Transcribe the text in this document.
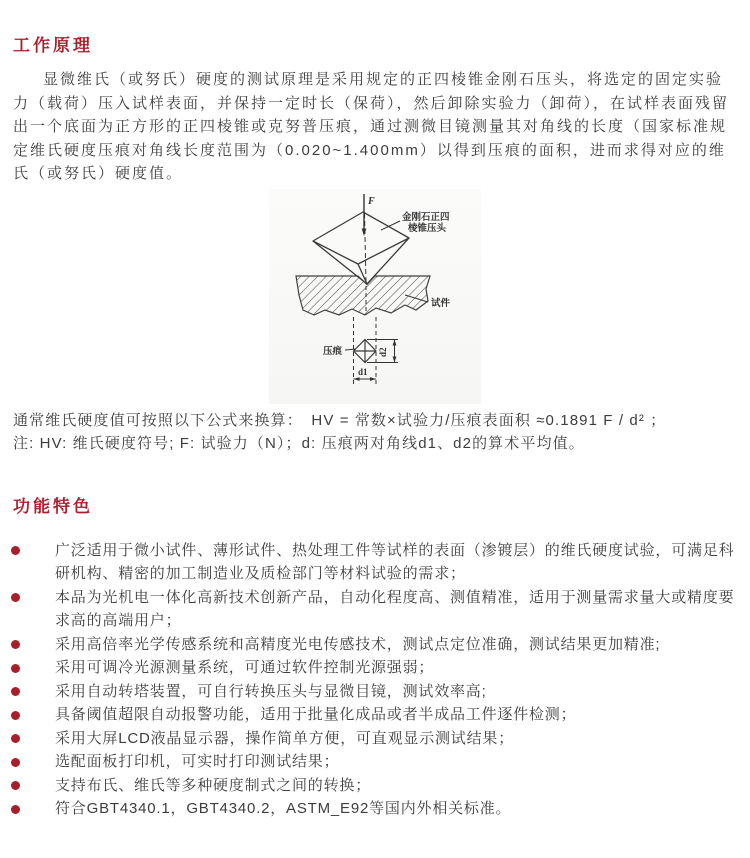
工作原理

显微维氏（或努氏）硬度的测试原理是采用规定的正四棱锥金刚石压头，将选定的固定实验力（载荷）压入试样表面，并保持一定时长（保荷），然后卸除实验力（卸荷），在试样表面残留出一个底面为正方形的正四棱锥或克努普压痕，通过测微目镜测量其对角线的长度（国家标准规定维氏硬度压痕对角线长度范围为（0.020~1.400mm）以得到压痕的面积，进而求得对应的维氏（或努氏）硬度值。

F
金刚石正四
棱锥压头
试件
压痕	d2
d1

通常维氏硬度值可按照以下公式来换算：　HV = 常数×试验力/压痕表面积 ≈0.1891 F / d² ；

注: HV: 维氏硬度符号; F: 试验力（N）；d: 压痕两对角线d1、d2的算术平均值。

功能特色
广泛适用于微小试件、薄形试件、热处理工件等试样的表面（渗镀层）的维氏硬度试验，可满足科研机构、精密的加工制造业及质检部门等材料试验的需求；
本品为光机电一体化高新技术创新产品，自动化程度高、测值精准，适用于测量需求量大或精度要求高的高端用户；
采用高倍率光学传感系统和高精度光电传感技术，测试点定位准确，测试结果更加精准;
采用可调冷光源测量系统，可通过软件控制光源强弱；
采用自动转塔装置，可自行转换压头与显微目镜，测试效率高;
具备阈值超限自动报警功能，适用于批量化成品或者半成品工件逐件检测；
采用大屏LCD液晶显示器，操作简单方便，可直观显示测试结果；
选配面板打印机，可实时打印测试结果；
支持布氏、维氏等多种硬度制式之间的转换；
符合GBT4340.1，GBT4340.2，ASTM_E92等国内外相关标准。
